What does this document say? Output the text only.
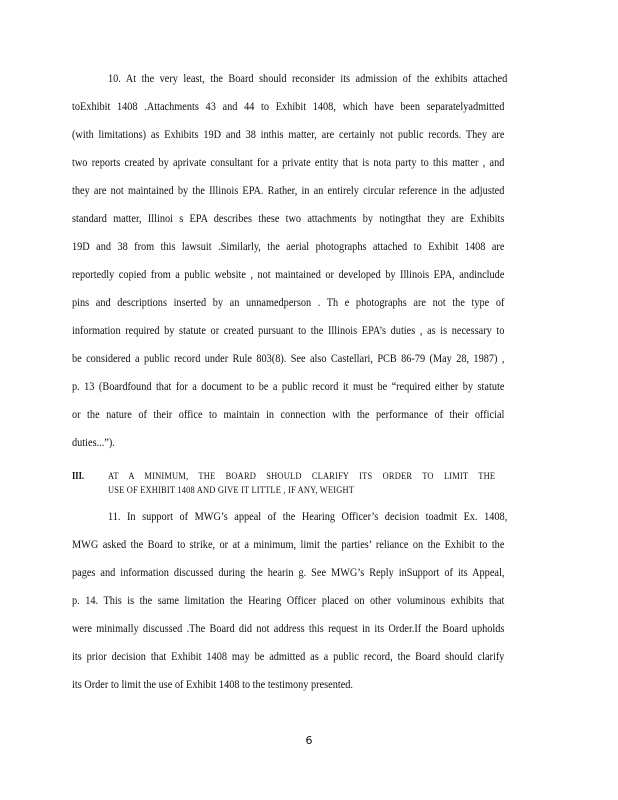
10. At the very least, the Board should reconsider its admission of the exhibits attached
toExhibit 1408 .Attachments 43 and 44 to Exhibit 1408, which have been separatelyadmitted
(with limitations) as Exhibits 19D and 38 inthis matter, are certainly not public records. They are
two reports created by aprivate consultant for a private entity that is nota party to this matter , and
they are not maintained by the Illinois EPA. Rather, in an entirely circular reference in the adjusted
standard matter, Illinoi s EPA describes these two attachments by notingthat they are Exhibits
19D and 38 from this lawsuit .Similarly, the aerial photographs attached to Exhibit 1408 are
reportedly copied from a public website , not maintained or developed by Illinois EPA, andinclude
pins and descriptions inserted by an unnamedperson . Th e photographs are not the type of
information required by statute or created pursuant to the Illinois EPA’s duties , as is necessary to
be considered a public record under Rule 803(8). See also Castellari, PCB 86-79 (May 28, 1987) ,
p. 13 (Boardfound that for a document to be a public record it must be “required either by statute
or the nature of their office to maintain in connection with the performance of their official
duties...”).
III. AT A MINIMUM, THE BOARD SHOULD CLARIFY ITS ORDER TO LIMIT THE
USE OF EXHIBIT 1408 AND GIVE IT LITTLE , IF ANY, WEIGHT
11. In support of MWG’s appeal of the Hearing Officer’s decision toadmit Ex. 1408,
MWG asked the Board to strike, or at a minimum, limit the parties’ reliance on the Exhibit to the
pages and information discussed during the hearin g. See MWG’s Reply inSupport of its Appeal,
p. 14. This is the same limitation the Hearing Officer placed on other voluminous exhibits that
were minimally discussed .The Board did not address this request in its Order.If the Board upholds
its prior decision that Exhibit 1408 may be admitted as a public record, the Board should clarify
its Order to limit the use of Exhibit 1408 to the testimony presented.
6
